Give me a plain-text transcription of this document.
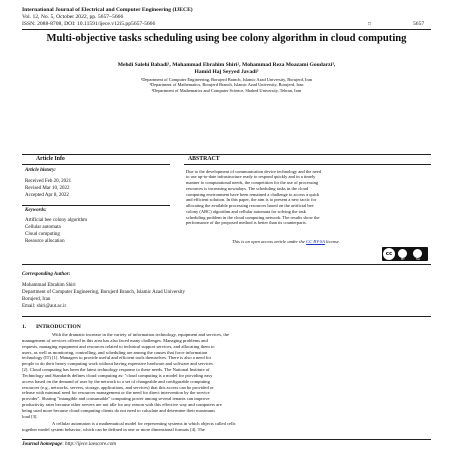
International Journal of Electrical and Computer Engineering (IJECE)
Vol. 12, No. 5, October 2022, pp. 5657~5666
ISSN: 2088-8708, DOI: 10.11591/ijece.v12i5.pp5657-5666	□	5657
Multi-objective tasks scheduling using bee colony algorithm in cloud computing
Mehdi Salehi Babadi¹, Mohammad Ebrahim Shiri², Mohammad Reza Moazami Goudarzi³,
Hamid Haj Seyyed Javadi³
¹Department of Computer Engineering, Borujerd Branch, Islamic Azad University, Borujerd, Iran
²Department of Mathematics, Borujerd Branch, Islamic Azad University, Borujerd, Iran
³Department of Mathematics and Computer Science, Shahed University, Tehran, Iran
Article Info	ABSTRACT
Article history:
Received Feb 20, 2021
Revised Mar 10, 2022
Accepted Apr 8, 2022
Keywords:
Artificial bee colony algorithm
Cellular automata
Cloud computing
Resource allocation
Due to the development of communication device technology and the need
to use up-to-date infrastructure ready to respond quickly and in a timely
manner to computational needs, the competition for the use of processing
resources is increasing nowadays. The scheduling tasks in the cloud
computing environment have been remained a challenge to access a quick
and efficient solution. In this paper, the aim is to present a new tactic for
allocating the available processing resources based on the artificial bee
colony (ABC) algorithm and cellular automata for solving the task
scheduling problem in the cloud computing network. The results show the
performance of the proposed method is better than its counterparts.
This is an open access article under the CC BY-SA license.
cc
BY	SA
Corresponding Author:
Mohammad Ebrahim Shiri
Department of Computer Engineering, Borujerd Branch, Islamic Azad University
Borujerd, Iran
Email: shiri@aut.ac.ir
1.       INTRODUCTION
With the dramatic increase in the variety of information technology, equipment and services, the
management of services offered in this area has also faced many challenges. Managing problems and
requests, managing equipment and resources related to technical support services, and allocating them to
users, as well as monitoring, controlling, and scheduling are among the causes that force information
technology (IT) [1]. Managers to provide useful and efficient tools themselves. There is also a need for
people to do their heavy computing work without having expensive hardware and software and services
[2]. Cloud computing has been the latest technology response to these needs. The National Institute of
Technology and Standards defines cloud computing as: "cloud computing is a model for providing easy
access based on the demand of user by the network to a set of changeable and configurable computing
resources (e.g., networks, servers, storage, applications, and services) that this access can be provided or
release with minimal need for resources management or the need for direct intervention by the service
provider". Sharing "intangible and consumable" computing power among several tenants can improve
productivity rates because other servers are not idle for any reason with this effective way and computers are
being used more because cloud computing clients do not need to calculate and determine their maximum
load [3].
A cellular automaton is a mathematical model for representing systems in which objects called cells
together model system behavior, which can be defined in one or more dimensional formats [4]. The
Journal homepage: http://ijece.iaescore.com
